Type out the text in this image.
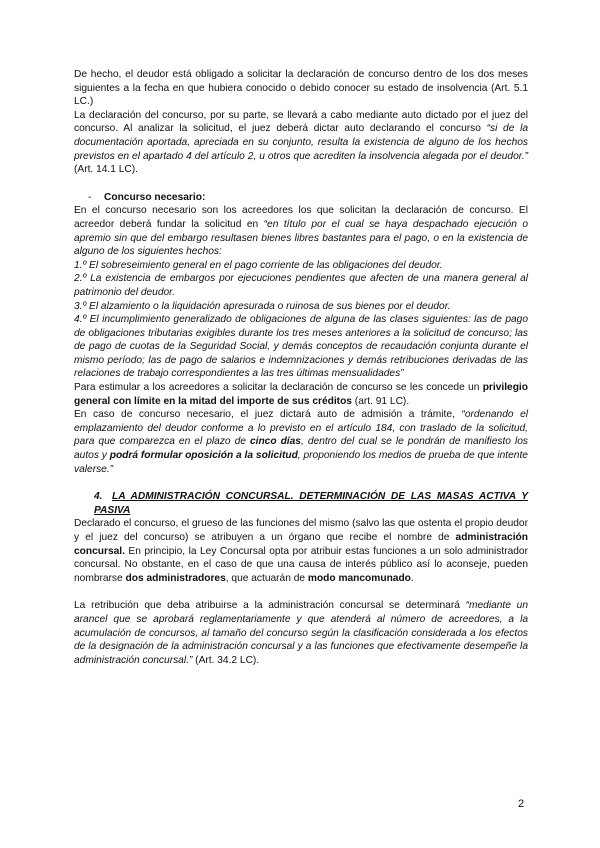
De hecho, el deudor está obligado a solicitar la declaración de concurso dentro de los dos meses siguientes a la fecha en que hubiera conocido o debido conocer su estado de insolvencia (Art. 5.1 LC.)

La declaración del concurso, por su parte, se llevará a cabo mediante auto dictado por el juez del concurso. Al analizar la solicitud, el juez deberá dictar auto declarando el concurso “si de la documentación aportada, apreciada en su conjunto, resulta la existencia de alguno de los hechos previstos en el apartado 4 del artículo 2, u otros que acrediten la insolvencia alegada por el deudor.” (Art. 14.1 LC).

- Concurso necesario:

En el concurso necesario son los acreedores los que solicitan la declaración de concurso. El acreedor deberá fundar la solicitud en “en título por el cual se haya despachado ejecución o apremio sin que del embargo resultasen bienes libres bastantes para el pago, o en la existencia de alguno de los siguientes hechos:

1.º El sobreseimiento general en el pago corriente de las obligaciones del deudor.

2.º La existencia de embargos por ejecuciones pendientes que afecten de una manera general al patrimonio del deudor.

3.º El alzamiento o la liquidación apresurada o ruinosa de sus bienes por el deudor.

4.º El incumplimiento generalizado de obligaciones de alguna de las clases siguientes: las de pago de obligaciones tributarias exigibles durante los tres meses anteriores a la solicitud de concurso; las de pago de cuotas de la Seguridad Social, y demás conceptos de recaudación conjunta durante el mismo período; las de pago de salarios e indemnizaciones y demás retribuciones derivadas de las relaciones de trabajo correspondientes a las tres últimas mensualidades”

Para estimular a los acreedores a solicitar la declaración de concurso se les concede un privilegio general con límite en la mitad del importe de sus créditos (art. 91 LC).

En caso de concurso necesario, el juez dictará auto de admisión a trámite, “ordenando el emplazamiento del deudor conforme a lo previsto en el artículo 184, con traslado de la solicitud, para que comparezca en el plazo de cinco días, dentro del cual se le pondrán de manifiesto los autos y podrá formular oposición a la solicitud, proponiendo los medios de prueba de que intente valerse.”

4. LA ADMINISTRACIÓN CONCURSAL. DETERMINACIÓN DE LAS MASAS ACTIVA Y PASIVA

Declarado el concurso, el grueso de las funciones del mismo (salvo las que ostenta el propio deudor y el juez del concurso) se atribuyen a un órgano que recibe el nombre de administración concursal. En principio, la Ley Concursal opta por atribuir estas funciones a un solo administrador concursal. No obstante, en el caso de que una causa de interés público así lo aconseje, pueden nombrarse dos administradores, que actuarán de modo mancomunado.

La retribución que deba atribuirse a la administración concursal se determinará “mediante un arancel que se aprobará reglamentariamente y que atenderá al número de acreedores, a la acumulación de concursos, al tamaño del concurso según la clasificación considerada a los efectos de la designación de la administración concursal y a las funciones que efectivamente desempeñe la administración concursal.” (Art. 34.2 LC).

2
